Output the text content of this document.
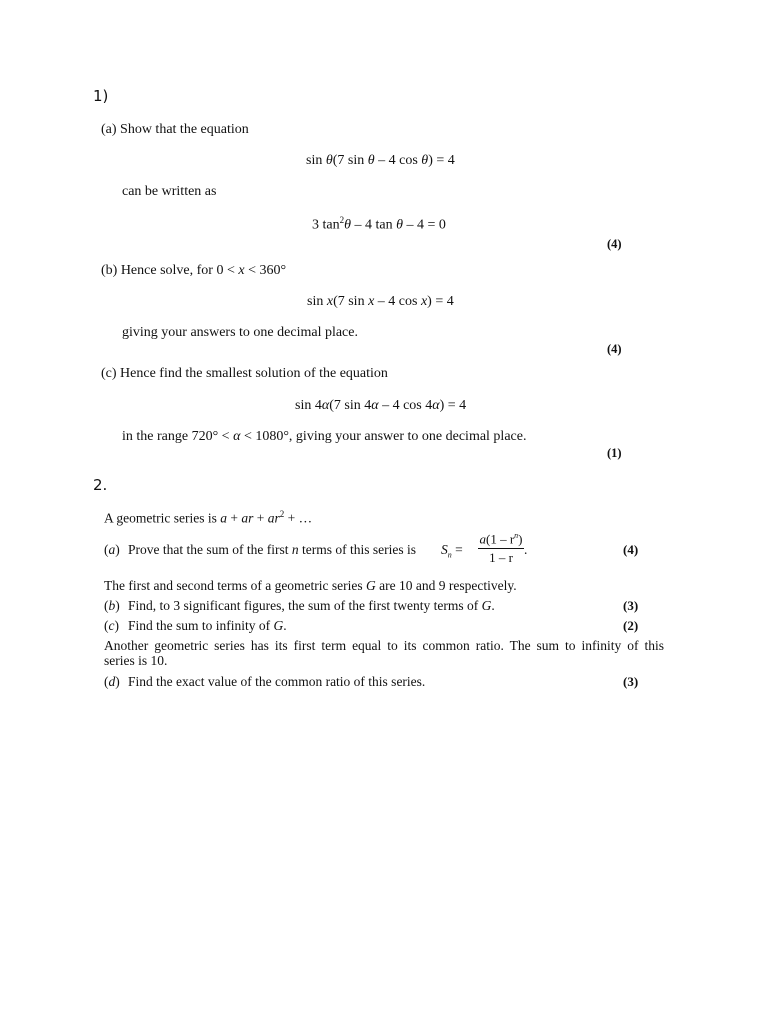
1)
(a) Show that the equation
sin θ(7 sin θ – 4 cos θ) = 4
can be written as
3 $\tan^2\theta - 4$ tan θ – 4 = 0
(4)
(b) Hence solve, for 0 < x < 360°
sin x(7 sin x – 4 cos x) = 4
giving your answers to one decimal place.
(4)
(c) Hence find the smallest solution of the equation
sin 4α(7 sin 4α – 4 cos 4α) = 4
in the range 720° < α < 1080°, giving your answer to one decimal place.
(1)
2.
A geometric series is a + ar + $ar^2$ + …
(a) Prove that the sum of the first n terms of this series is $S_n$ =
$a(1 - r^n)$
1 – r
.	(4)
The first and second terms of a geometric series G are 10 and 9 respectively.
(b) Find, to 3 significant figures, the sum of the first twenty terms of G.	(3)
(c) Find the sum to infinity of G.	(2)
Another geometric series has its first term equal to its common ratio. The sum to infinity of this
series is 10.
(d) Find the exact value of the common ratio of this series.	(3)
